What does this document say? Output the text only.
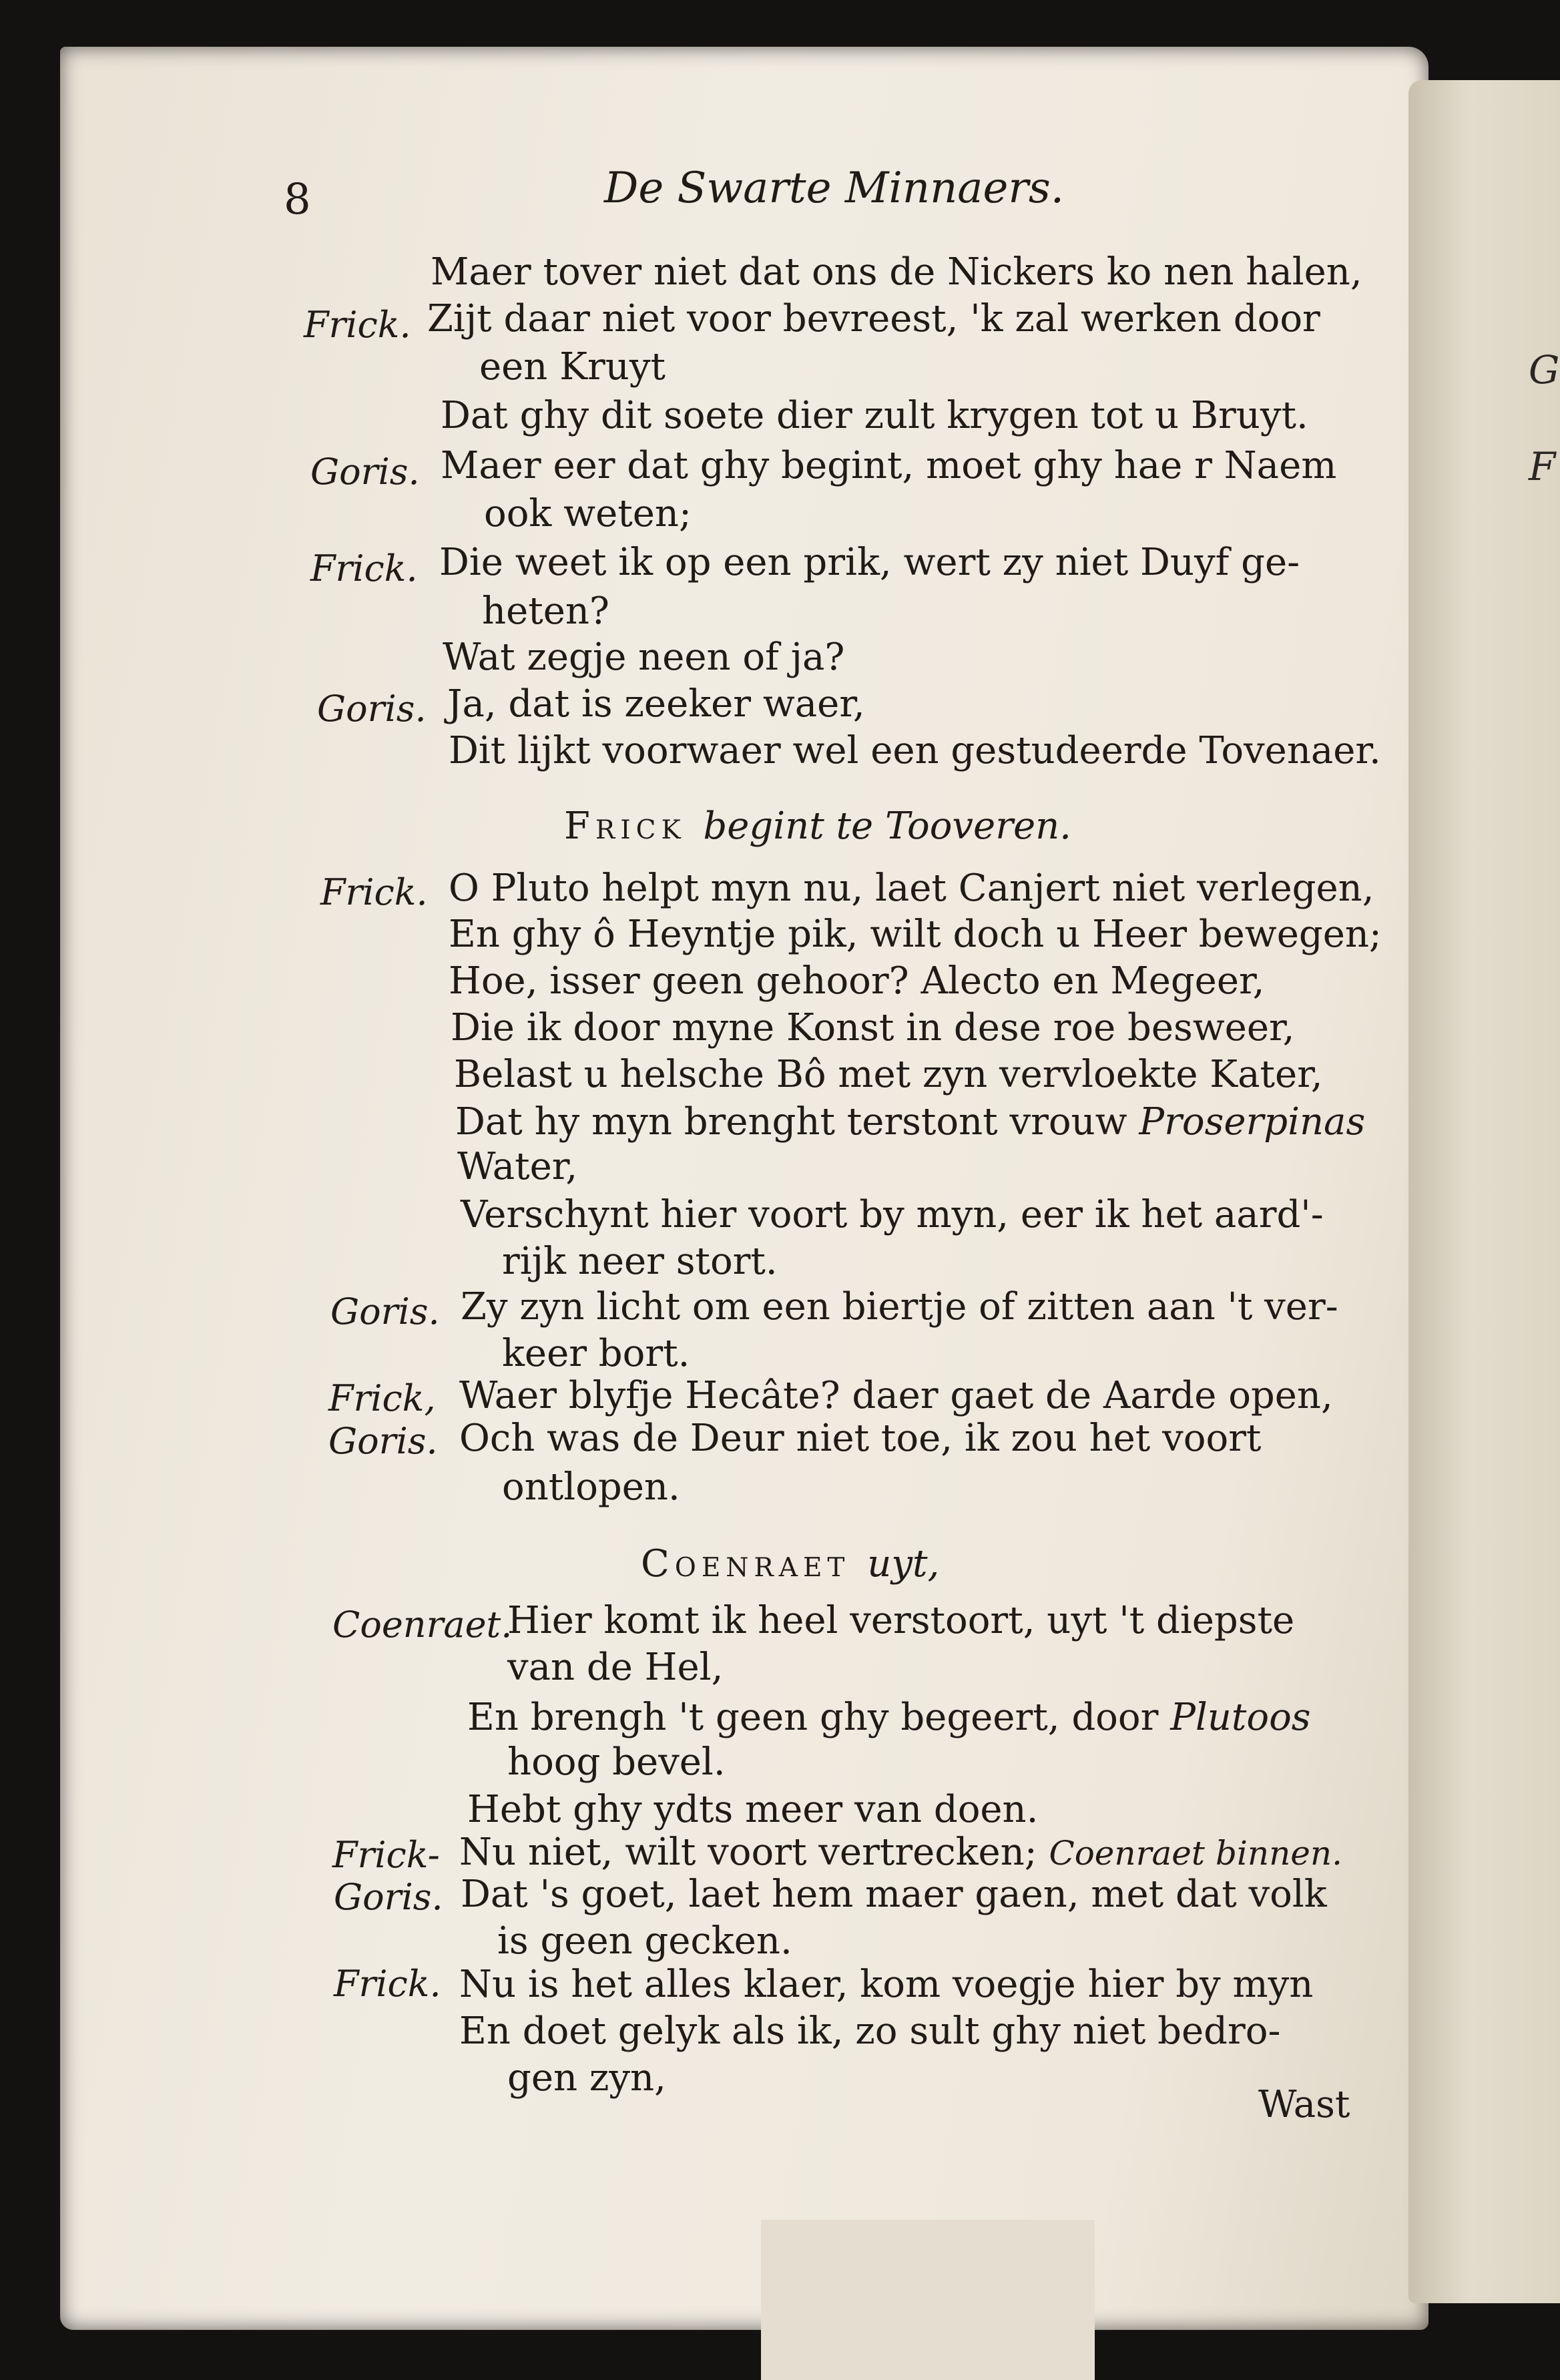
G
F
8	De Swarte Minnaers.
Maer tover niet dat ons de Nickers ko nen halen,
Frick. Zijt daar niet voor bevreest, 'k zal werken door
een Kruyt
Dat ghy dit soete dier zult krygen tot u Bruyt.
Goris. Maer eer dat ghy begint, moet ghy hae r Naem
ook weten;
Frick. Die weet ik op een prik, wert zy niet Duyf ge-
heten?
Wat zegje neen of ja?
Goris. Ja, dat is zeeker waer,
Dit lijkt voorwaer wel een gestudeerde Tovenaer.
Frick begint te Tooveren.
Frick. O Pluto helpt myn nu, laet Canjert niet verlegen,
En ghy ô Heyntje pik, wilt doch u Heer bewegen;
Hoe, isser geen gehoor? Alecto en Megeer,
Die ik door myne Konst in dese roe besweer,
Belast u helsche Bô met zyn vervloekte Kater,
Dat hy myn brenght terstont vrouw Proserpinas
Water,
Verschynt hier voort by myn, eer ik het aard'-
rijk neer stort.
Goris. Zy zyn licht om een biertje of zitten aan 't ver-
keer bort.
Frick, Waer blyfje Hecâte? daer gaet de Aarde open,
Goris. Och was de Deur niet toe, ik zou het voort
ontlopen.
Coenraet uyt,
Coenraet.
Hier komt ik heel verstoort, uyt 't diepste
van de Hel,
En brengh 't geen ghy begeert, door Plutoos
hoog bevel.
Hebt ghy ydts meer van doen.
Frick- Nu niet, wilt voort vertrecken; Coenraet binnen.
Goris. Dat 's goet, laet hem maer gaen, met dat volk
is geen gecken.
Frick. Nu is het alles klaer, kom voegje hier by myn
En doet gelyk als ik, zo sult ghy niet bedro-
gen zyn,
Wast
